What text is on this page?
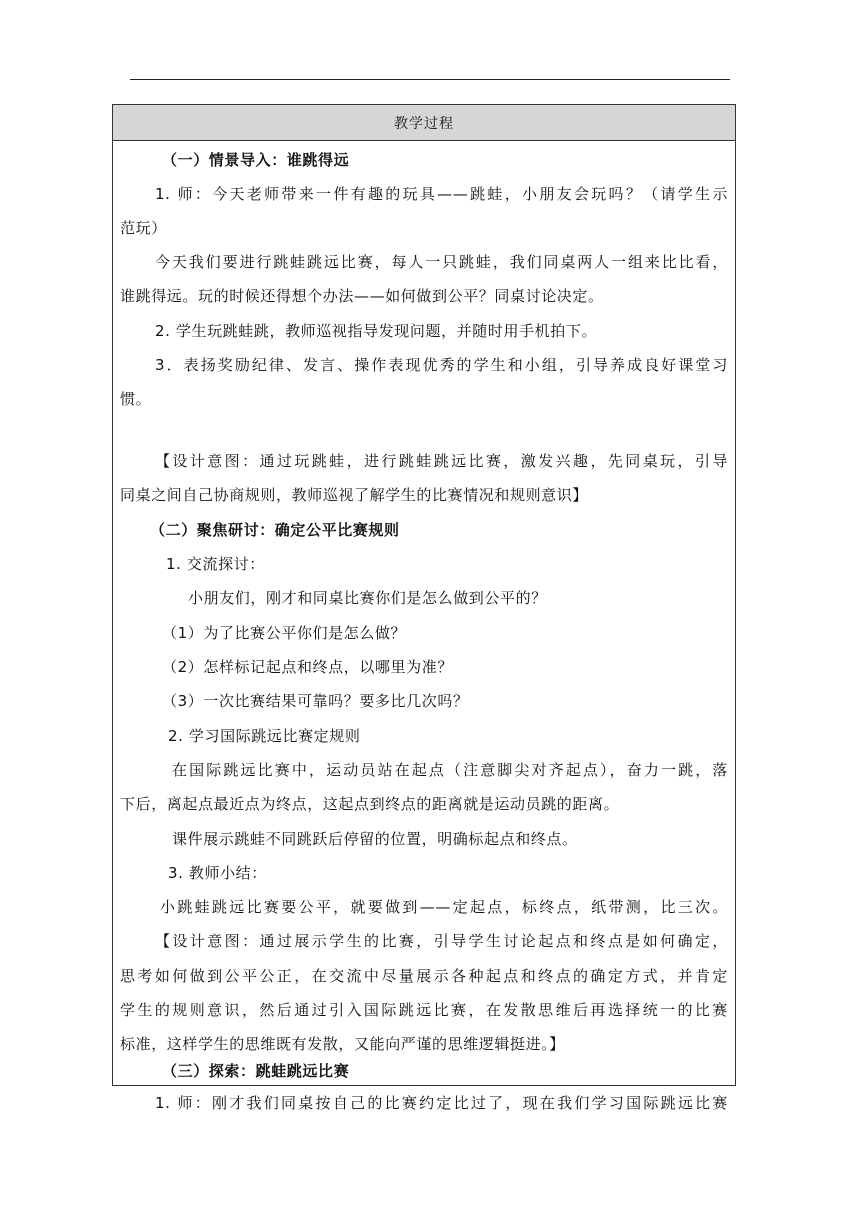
教学过程
（一）情景导入：谁跳得远
1. 师：今天老师带来一件有趣的玩具——跳蛙，小朋友会玩吗？（请学生示
范玩）
今天我们要进行跳蛙跳远比赛，每人一只跳蛙，我们同桌两人一组来比比看，
谁跳得远。玩的时候还得想个办法——如何做到公平？同桌讨论决定。
2. 学生玩跳蛙跳，教师巡视指导发现问题，并随时用手机拍下。
3．表扬奖励纪律、发言、操作表现优秀的学生和小组，引导养成良好课堂习
惯。
【设计意图：通过玩跳蛙，进行跳蛙跳远比赛，激发兴趣，先同桌玩，引导
同桌之间自己协商规则，教师巡视了解学生的比赛情况和规则意识】
（二）聚焦研讨：确定公平比赛规则
1. 交流探讨：
小朋友们，刚才和同桌比赛你们是怎么做到公平的？
（1）为了比赛公平你们是怎么做？
（2）怎样标记起点和终点，以哪里为准？
（3）一次比赛结果可靠吗？要多比几次吗？
2. 学习国际跳远比赛定规则
在国际跳远比赛中，运动员站在起点（注意脚尖对齐起点），奋力一跳，落
下后，离起点最近点为终点，这起点到终点的距离就是运动员跳的距离。
课件展示跳蛙不同跳跃后停留的位置，明确标起点和终点。
3. 教师小结：
小跳蛙跳远比赛要公平，就要做到——定起点，标终点，纸带测，比三次。
【设计意图：通过展示学生的比赛，引导学生讨论起点和终点是如何确定，
思考如何做到公平公正，在交流中尽量展示各种起点和终点的确定方式，并肯定
学生的规则意识，然后通过引入国际跳远比赛，在发散思维后再选择统一的比赛
标准，这样学生的思维既有发散，又能向严谨的思维逻辑挺进。】
（三）探索：跳蛙跳远比赛
1. 师：刚才我们同桌按自己的比赛约定比过了，现在我们学习国际跳远比赛
